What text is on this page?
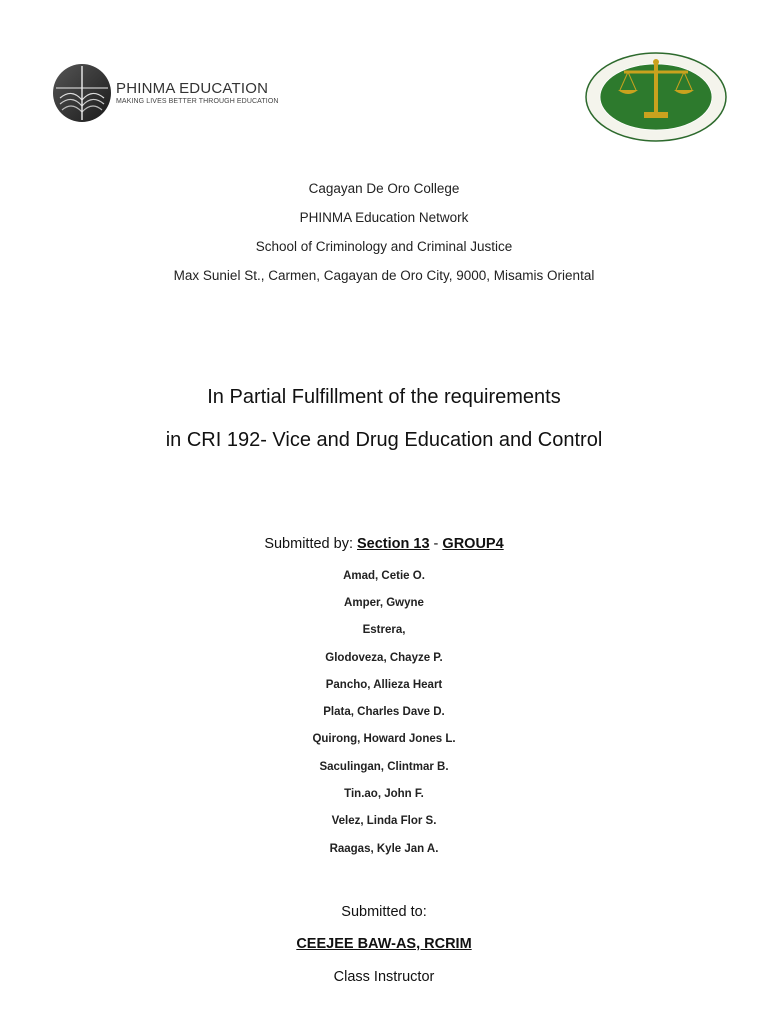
PHINMA EDUCATION
MAKING LIVES BETTER THROUGH EDUCATION
Cagayan De Oro College
PHINMA Education Network
School of Criminology and Criminal Justice
Max Suniel St., Carmen, Cagayan de Oro City, 9000, Misamis Oriental
In Partial Fulfillment of the requirements
in CRI 192- Vice and Drug Education and Control
Submitted by: Section 13 - GROUP4
Amad, Cetie O.
Amper, Gwyne
Estrera,
Glodoveza, Chayze P.
Pancho, Allieza Heart
Plata, Charles Dave D.
Quirong, Howard Jones L.
Saculingan, Clintmar B.
Tin.ao, John F.
Velez, Linda Flor S.
Raagas, Kyle Jan A.
Submitted to:
CEEJEE BAW-AS, RCRIM
Class Instructor
